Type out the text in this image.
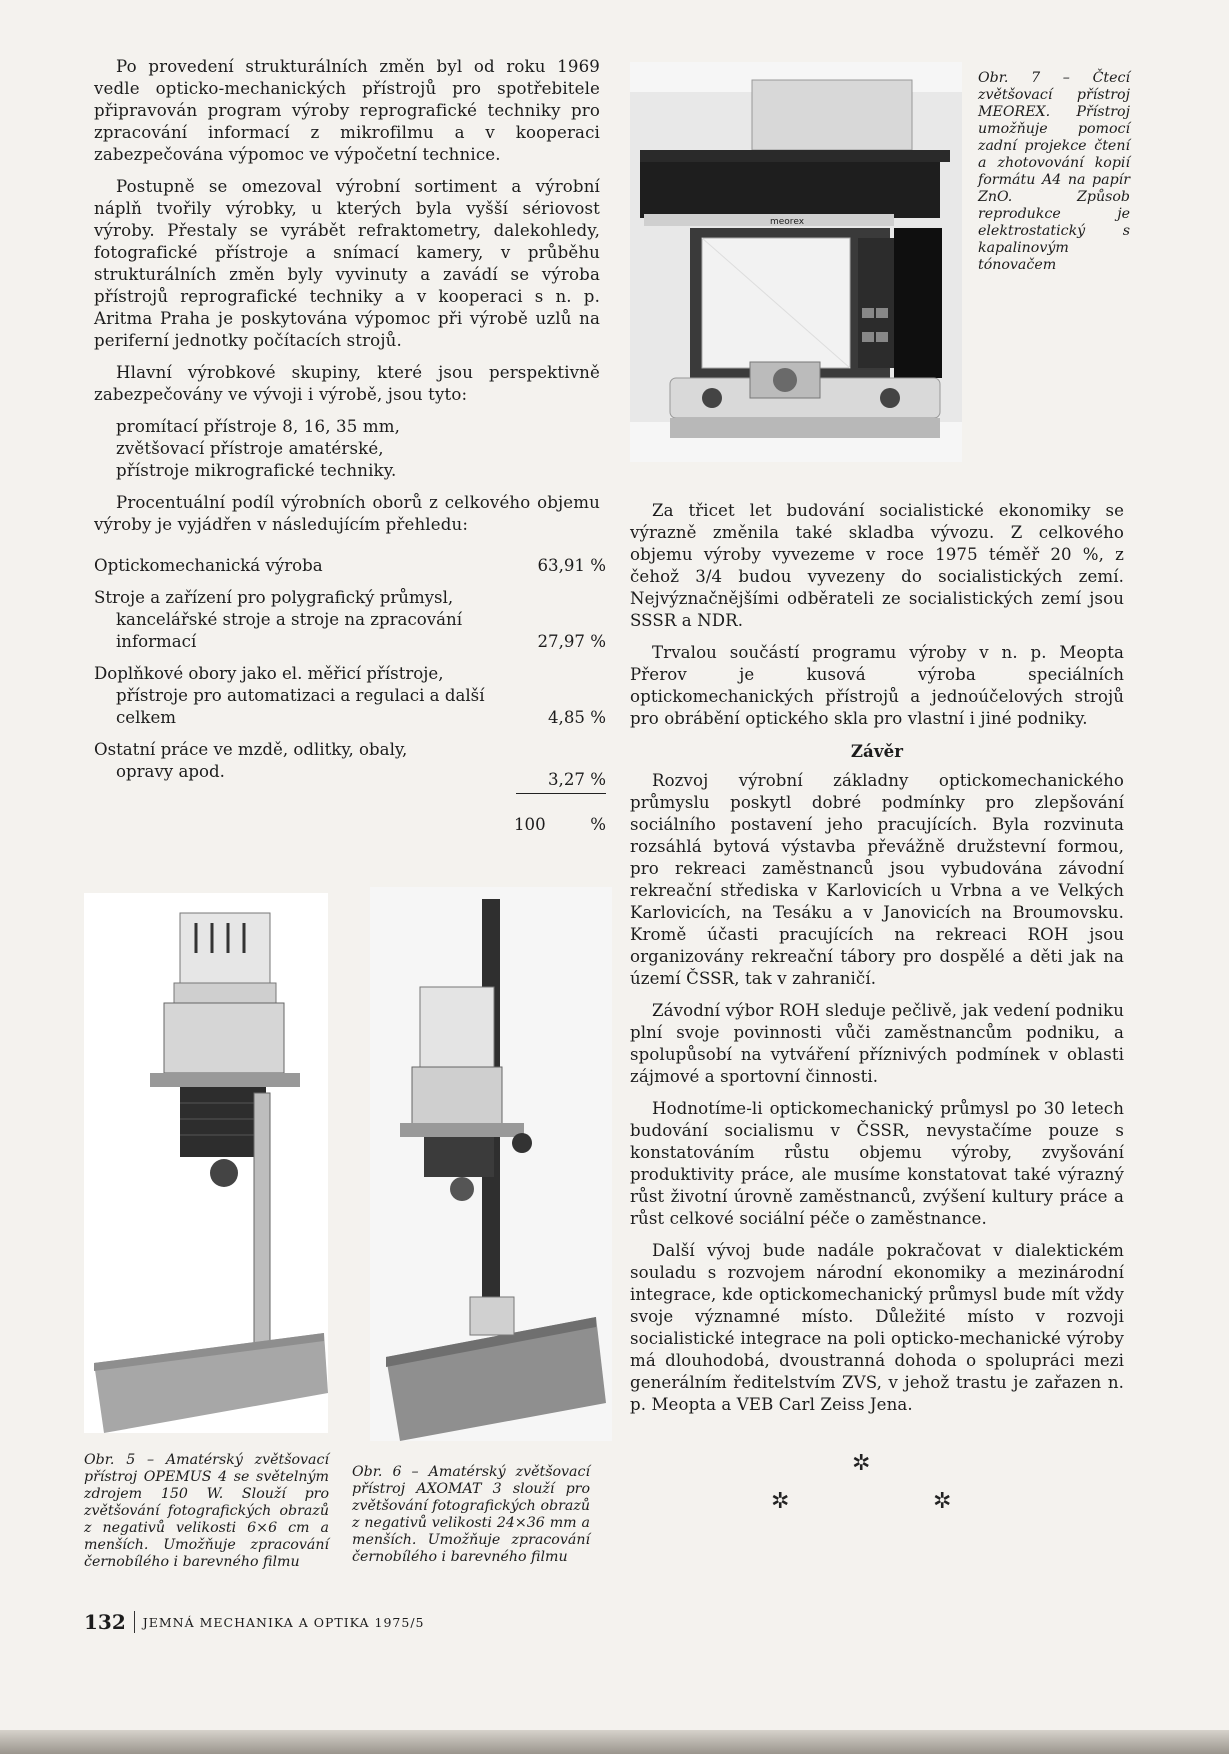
Po provedení strukturálních změn byl od roku 1969 vedle opticko-mechanických přístrojů pro spotřebitele připravován program výroby reprografické techniky pro zpracování informací z mikrofilmu a v kooperaci zabezpečována výpomoc ve výpočetní technice.

Postupně se omezoval výrobní sortiment a výrobní náplň tvořily výrobky, u kterých byla vyšší sériovost výroby. Přestaly se vyrábět refraktometry, dalekohledy, fotografické přístroje a snímací kamery, v průběhu strukturálních změn byly vyvinuty a zavádí se výroba přístrojů reprografické techniky a v kooperaci s n. p. Aritma Praha je poskytována výpomoc při výrobě uzlů na periferní jednotky počítacích strojů.

Hlavní výrobkové skupiny, které jsou perspektivně zabezpečovány ve vývoji i výrobě, jsou tyto:

promítací přístroje 8, 16, 35 mm,
zvětšovací přístroje amatérské,
přístroje mikrografické techniky.

Procentuální podíl výrobních oborů z celkového objemu výroby je vyjádřen v následujícím přehledu:

Optickomechanická výroba	63,91 %
Stroje a zařízení pro polygrafický průmysl,
kancelářské stroje a stroje na zpracování informací	27,97 %
Doplňkové obory jako el. měřicí přístroje,
přístroje pro automatizaci a regulaci a další celkem	4,85 %
Ostatní práce ve mzdě, odlitky, obaly,
opravy apod.	3,27 %
100	%
meorex
Obr. 7 – Čtecí zvětšovací přístroj MEOREX. Přístroj umožňuje pomocí zadní projekce čtení a zhotovování kopií formátu A4 na papír ZnO. Způsob reprodukce je elektrostatický s kapalinovým tónovačem
Obr. 5 – Amatérský zvětšovací přístroj OPEMUS 4 se světelným zdrojem 150 W. Slouží pro zvětšování fotografických obrazů z negativů velikosti 6×6 cm a menších. Umožňuje zpracování černobílého i barevného filmu
Obr. 6 – Amatérský zvětšovací přístroj AXOMAT 3 slouží pro zvětšování fotografických obrazů z negativů velikosti 24×36 mm a menších. Umožňuje zpracování černobílého i barevného filmu

Za třicet let budování socialistické ekonomiky se výrazně změnila také skladba vývozu. Z celkového objemu výroby vyvezeme v roce 1975 téměř 20 %, z čehož 3/4 budou vyvezeny do socialistických zemí. Nejvýznačnějšími odběrateli ze socialistických zemí jsou SSSR a NDR.

Trvalou součástí programu výroby v n. p. Meopta Přerov je kusová výroba speciálních optickomechanických přístrojů a jednoúčelových strojů pro obrábění optického skla pro vlastní i jiné podniky.

Závěr

Rozvoj výrobní základny optickomechanického průmyslu poskytl dobré podmínky pro zlepšování sociálního postavení jeho pracujících. Byla rozvinuta rozsáhlá bytová výstavba převážně družstevní formou, pro rekreaci zaměstnanců jsou vybudována závodní rekreační střediska v Karlovicích u Vrbna a ve Velkých Karlovicích, na Tesáku a v Janovicích na Broumovsku. Kromě účasti pracujících na rekreaci ROH jsou organizovány rekreační tábory pro dospělé a děti jak na území ČSSR, tak v zahraničí.

Závodní výbor ROH sleduje pečlivě, jak vedení podniku plní svoje povinnosti vůči zaměstnancům podniku, a spolupůsobí na vytváření příznivých podmínek v oblasti zájmové a sportovní činnosti.

Hodnotíme-li optickomechanický průmysl po 30 letech budování socialismu v ČSSR, nevystačíme pouze s konstatováním růstu objemu výroby, zvyšování produktivity práce, ale musíme konstatovat také výrazný růst životní úrovně zaměstnanců, zvýšení kultury práce a růst celkové sociální péče o zaměstnance.

Další vývoj bude nadále pokračovat v dialektickém souladu s rozvojem národní ekonomiky a mezinárodní integrace, kde optickomechanický průmysl bude mít vždy svoje významné místo. Důležité místo v rozvoji socialistické integrace na poli opticko-mechanické výroby má dlouhodobá, dvoustranná dohoda o spolupráci mezi generálním ředitelstvím ZVS, v jehož trastu je zařazen n. p. Meopta a VEB Carl Zeiss Jena.

✲
✲	✲
132 JEMNÁ MECHANIKA A OPTIKA 1975/5
